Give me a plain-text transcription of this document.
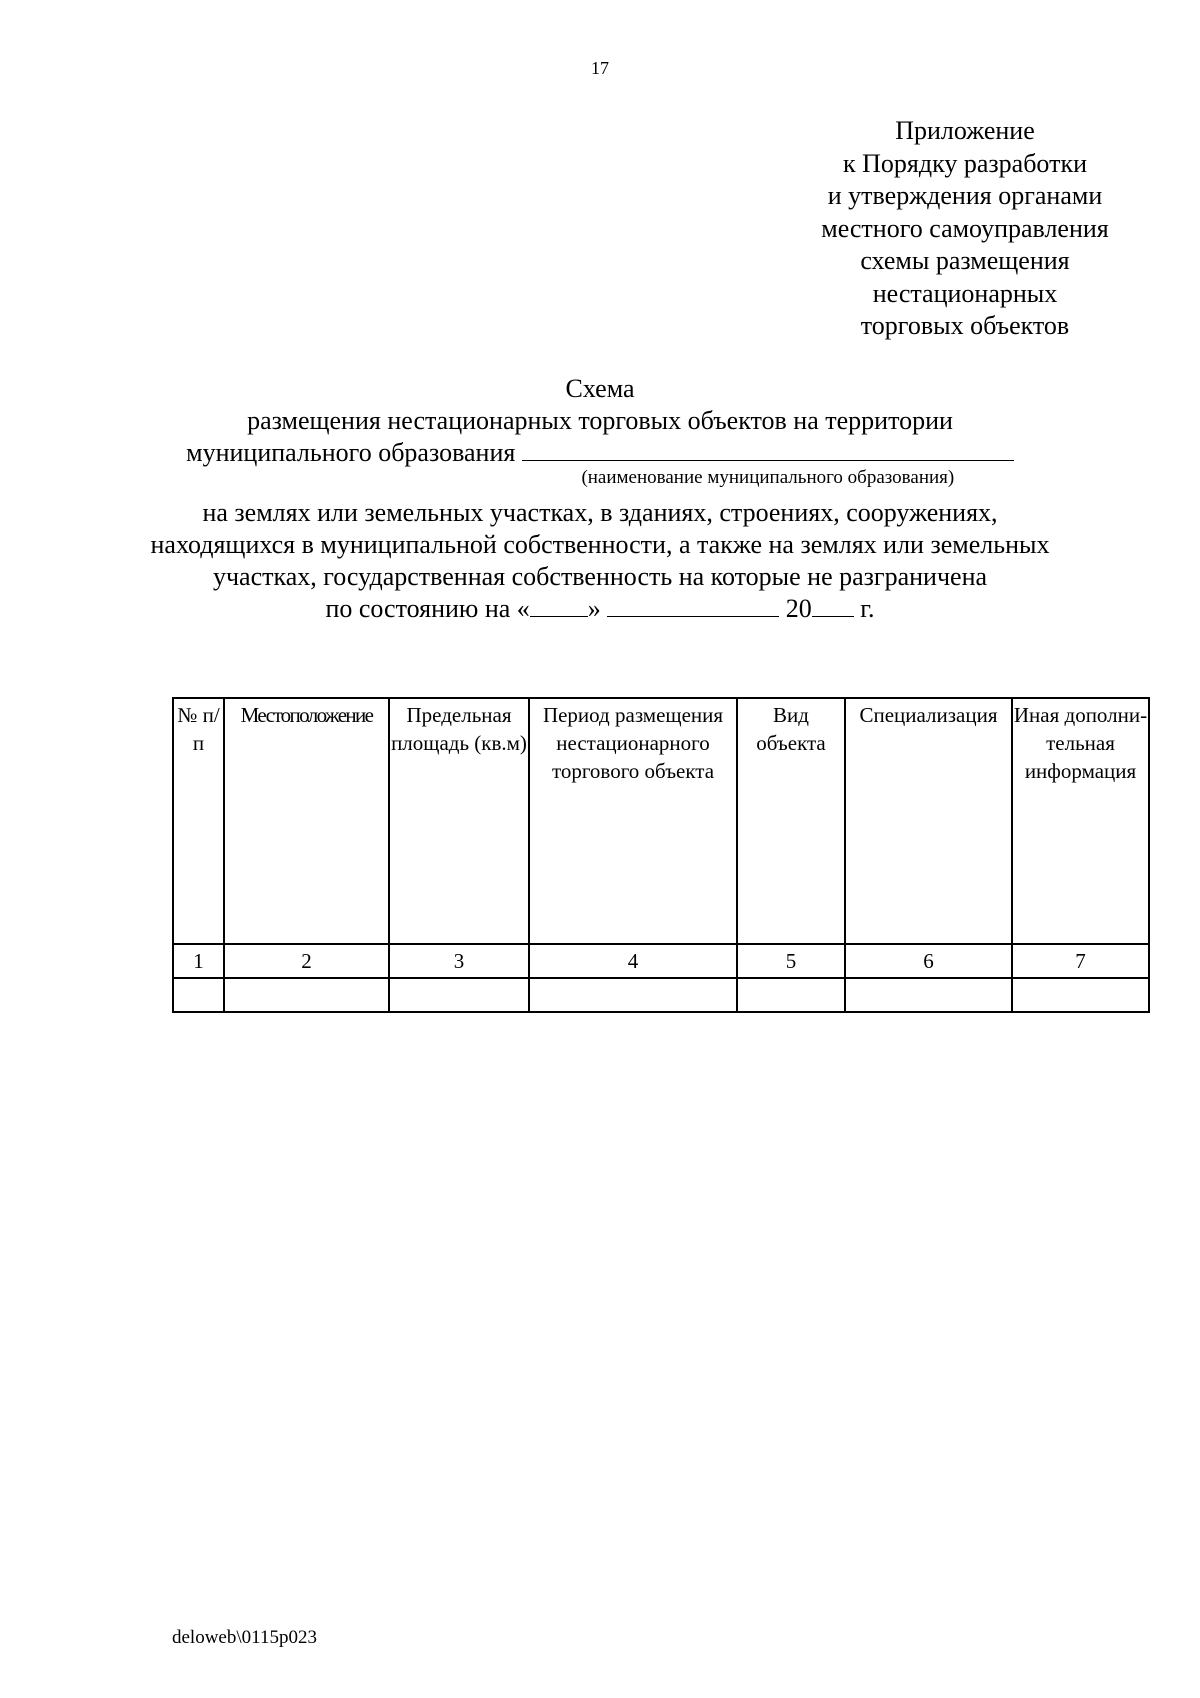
17
Приложение
к Порядку разработки
и утверждения органами
местного самоуправления
схемы размещения
нестационарных
торговых объектов
Схема
размещения нестационарных торговых объектов на территории
муниципального образования
(наименование муниципального образования)
на землях или земельных участках, в зданиях, строениях, сооружениях,
находящихся в муниципальной собственности, а также на землях или земельных
участках, государственная собственность на которые не разграничена
по состоянию на « »	20 г.
№ п/п	Местоположение	Предельная площадь (кв.м)	Период размещения нестационарного торгового объекта	Вид объекта	Специализация	Иная дополни-тельная информация
1	2	3	4	5	6	7

deloweb\0115p023
